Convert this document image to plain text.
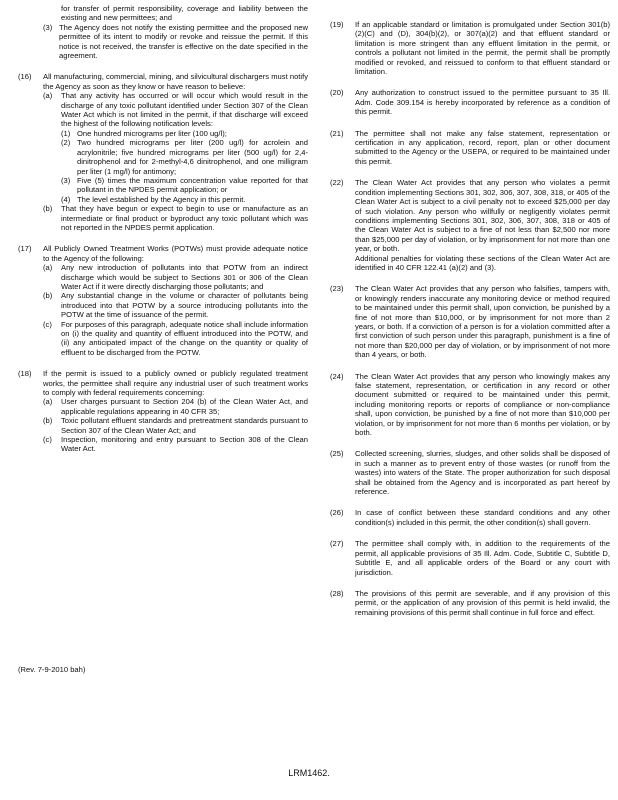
for transfer of permit responsibility, coverage and liability between the existing and new permittees; and
(3) The Agency does not notify the existing permittee and the proposed new permittee of its intent to modify or revoke and reissue the permit. If this notice is not received, the transfer is effective on the date specified in the agreement.
(16) All manufacturing, commercial, mining, and silvicultural dischargers must notify the Agency as soon as they know or have reason to believe:
(a) That any activity has occurred or will occur which would result in the discharge of any toxic pollutant identified under Section 307 of the Clean Water Act which is not limited in the permit, if that discharge will exceed the highest of the following notification levels:
(1) One hundred micrograms per liter (100 ug/l);
(2) Two hundred micrograms per liter (200 ug/l) for acrolein and acrylonitrile; five hundred micrograms per liter (500 ug/l) for 2,4-dinitrophenol and for 2-methyl-4,6 dinitrophenol, and one milligram per liter (1 mg/l) for antimony;
(3) Five (5) times the maximum concentration value reported for that pollutant in the NPDES permit application; or
(4) The level established by the Agency in this permit.
(b) That they have begun or expect to begin to use or manufacture as an intermediate or final product or byproduct any toxic pollutant which was not reported in the NPDES permit application.
(17) All Publicly Owned Treatment Works (POTWs) must provide adequate notice to the Agency of the following:
(a) Any new introduction of pollutants into that POTW from an indirect discharge which would be subject to Sections 301 or 306 of the Clean Water Act if it were directly discharging those pollutants; and
(b) Any substantial change in the volume or character of pollutants being introduced into that POTW by a source introducing pollutants into the POTW at the time of issuance of the permit.
(c) For purposes of this paragraph, adequate notice shall include information on (i) the quality and quantity of effluent introduced into the POTW, and (ii) any anticipated impact of the change on the quantity or quality of effluent to be discharged from the POTW.
(18) If the permit is issued to a publicly owned or publicly regulated treatment works, the permittee shall require any industrial user of such treatment works to comply with federal requirements concerning:
(a) User charges pursuant to Section 204 (b) of the Clean Water Act, and applicable regulations appearing in 40 CFR 35;
(b) Toxic pollutant effluent standards and pretreatment standards pursuant to Section 307 of the Clean Water Act; and
(c) Inspection, monitoring and entry pursuant to Section 308 of the Clean Water Act.
(Rev. 7-9-2010 bah)
(19) If an applicable standard or limitation is promulgated under Section 301(b)(2)(C) and (D), 304(b)(2), or 307(a)(2) and that effluent standard or limitation is more stringent than any effluent limitation in the permit, or controls a pollutant not limited in the permit, the permit shall be promptly modified or revoked, and reissued to conform to that effluent standard or limitation.
(20) Any authorization to construct issued to the permittee pursuant to 35 Ill. Adm. Code 309.154 is hereby incorporated by reference as a condition of this permit.
(21) The permittee shall not make any false statement, representation or certification in any application, record, report, plan or other document submitted to the Agency or the USEPA, or required to be maintained under this permit.
(22) The Clean Water Act provides that any person who violates a permit condition implementing Sections 301, 302, 306, 307, 308, 318, or 405 of the Clean Water Act is subject to a civil penalty not to exceed $25,000 per day of such violation. Any person who willfully or negligently violates permit conditions implementing Sections 301, 302, 306, 307, 308, 318 or 405 of the Clean Water Act is subject to a fine of not less than $2,500 nor more than $25,000 per day of violation, or by imprisonment for not more than one year, or both.
Additional penalties for violating these sections of the Clean Water Act are identified in 40 CFR 122.41 (a)(2) and (3).
(23) The Clean Water Act provides that any person who falsifies, tampers with, or knowingly renders inaccurate any monitoring device or method required to be maintained under this permit shall, upon conviction, be punished by a fine of not more than $10,000, or by imprisonment for not more than 2 years, or both. If a conviction of a person is for a violation committed after a first conviction of such person under this paragraph, punishment is a fine of not more than $20,000 per day of violation, or by imprisonment of not more than 4 years, or both.
(24) The Clean Water Act provides that any person who knowingly makes any false statement, representation, or certification in any record or other document submitted or required to be maintained under this permit, including monitoring reports or reports of compliance or non-compliance shall, upon conviction, be punished by a fine of not more than $10,000 per violation, or by imprisonment for not more than 6 months per violation, or by both.
(25) Collected screening, slurries, sludges, and other solids shall be disposed of in such a manner as to prevent entry of those wastes (or runoff from the wastes) into waters of the State. The proper authorization for such disposal shall be obtained from the Agency and is incorporated as part hereof by reference.
(26) In case of conflict between these standard conditions and any other condition(s) included in this permit, the other condition(s) shall govern.
(27) The permittee shall comply with, in addition to the requirements of the permit, all applicable provisions of 35 Ill. Adm. Code, Subtitle C, Subtitle D, Subtitle E, and all applicable orders of the Board or any court with jurisdiction.
(28) The provisions of this permit are severable, and if any provision of this permit, or the application of any provision of this permit is held invalid, the remaining provisions of this permit shall continue in full force and effect.
LRM1462.
